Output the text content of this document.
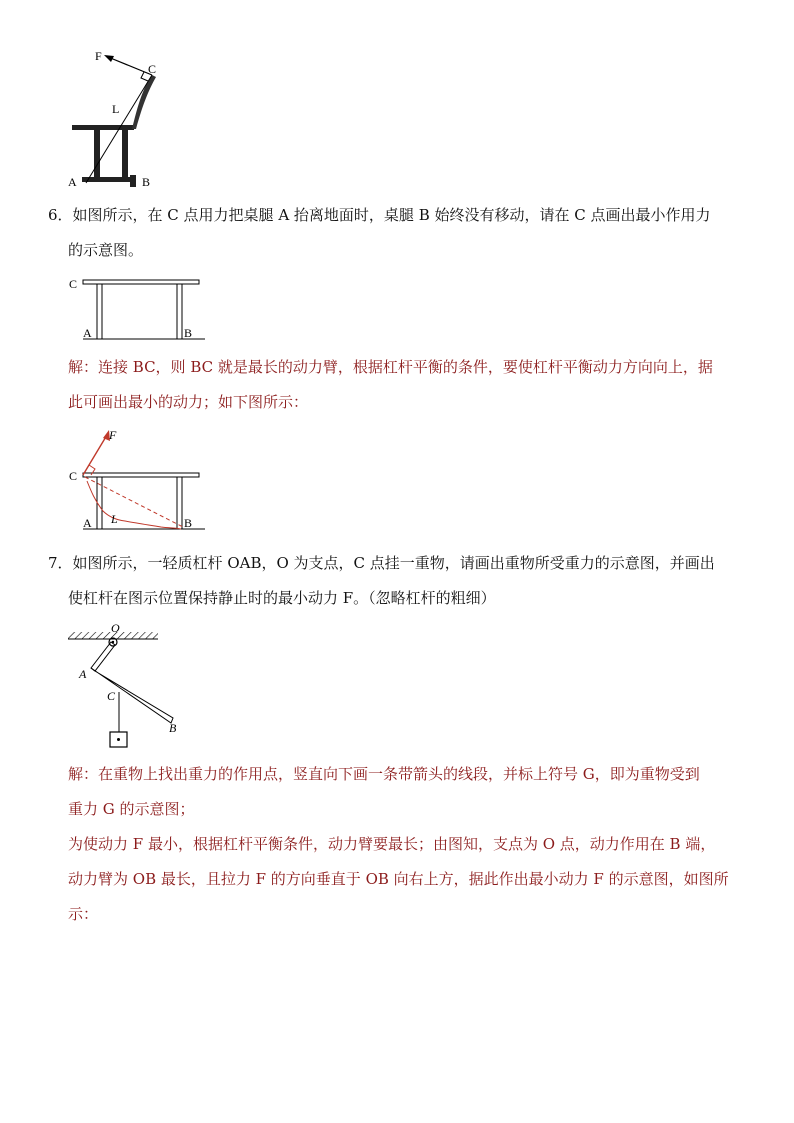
F
C
L
A	B
6．如图所示，在 C 点用力把桌腿 A 抬离地面时，桌腿 B 始终没有移动，请在 C 点画出最小作用力
的示意图。
C
A	B
解：连接 BC，则 BC 就是最长的动力臂，根据杠杆平衡的条件，要使杠杆平衡动力方向向上，据
此可画出最小的动力；如下图所示：
F
C
A	B
L
7．如图所示，一轻质杠杆 OAB，O 为支点，C 点挂一重物，请画出重物所受重力的示意图，并画出
使杠杆在图示位置保持静止时的最小动力 F。（忽略杠杆的粗细）
O
A
C
B
解：在重物上找出重力的作用点，竖直向下画一条带箭头的线段，并标上符号 G，即为重物受到
重力 G 的示意图；
为使动力 F 最小，根据杠杆平衡条件，动力臂要最长；由图知，支点为 O 点，动力作用在 B 端，
动力臂为 OB 最长，且拉力 F 的方向垂直于 OB 向右上方，据此作出最小动力 F 的示意图，如图所
示：
